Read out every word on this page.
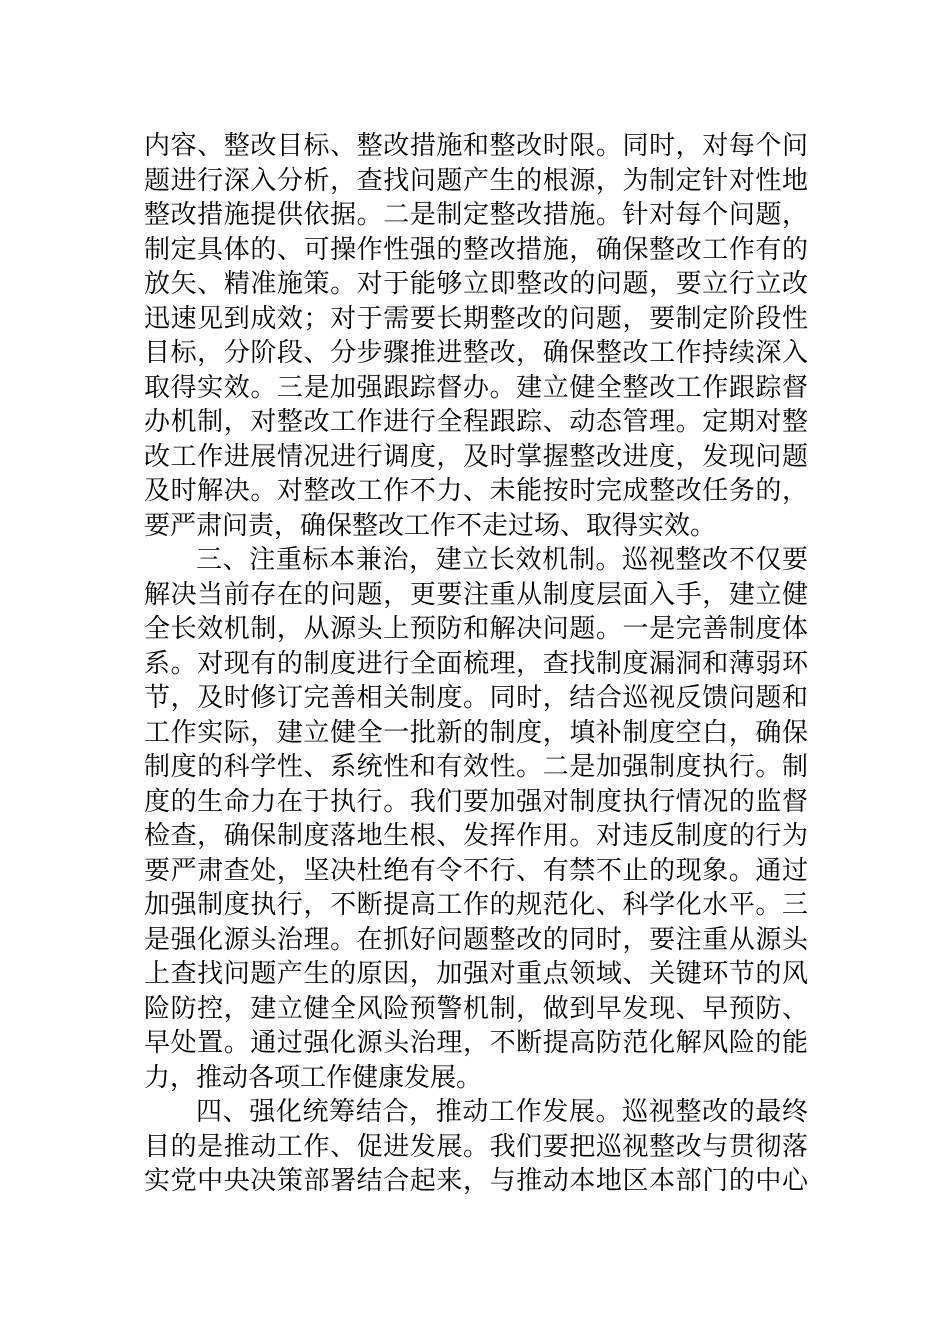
内容、整改目标、整改措施和整改时限。同时，对每个问
题进行深入分析，查找问题产生的根源，为制定针对性地
整改措施提供依据。二是制定整改措施。针对每个问题，
制定具体的、可操作性强的整改措施，确保整改工作有的
放矢、精准施策。对于能够立即整改的问题，要立行立改
迅速见到成效；对于需要长期整改的问题，要制定阶段性
目标，分阶段、分步骤推进整改，确保整改工作持续深入
取得实效。三是加强跟踪督办。建立健全整改工作跟踪督
办机制，对整改工作进行全程跟踪、动态管理。定期对整
改工作进展情况进行调度，及时掌握整改进度，发现问题
及时解决。对整改工作不力、未能按时完成整改任务的，
要严肃问责，确保整改工作不走过场、取得实效。
三、注重标本兼治，建立长效机制。巡视整改不仅要
解决当前存在的问题，更要注重从制度层面入手，建立健
全长效机制，从源头上预防和解决问题。一是完善制度体
系。对现有的制度进行全面梳理，查找制度漏洞和薄弱环
节，及时修订完善相关制度。同时，结合巡视反馈问题和
工作实际，建立健全一批新的制度，填补制度空白，确保
制度的科学性、系统性和有效性。二是加强制度执行。制
度的生命力在于执行。我们要加强对制度执行情况的监督
检查，确保制度落地生根、发挥作用。对违反制度的行为
要严肃查处，坚决杜绝有令不行、有禁不止的现象。通过
加强制度执行，不断提高工作的规范化、科学化水平。三
是强化源头治理。在抓好问题整改的同时，要注重从源头
上查找问题产生的原因，加强对重点领域、关键环节的风
险防控，建立健全风险预警机制，做到早发现、早预防、
早处置。通过强化源头治理，不断提高防范化解风险的能
力，推动各项工作健康发展。
四、强化统筹结合，推动工作发展。巡视整改的最终
目的是推动工作、促进发展。我们要把巡视整改与贯彻落
实党中央决策部署结合起来，与推动本地区本部门的中心
